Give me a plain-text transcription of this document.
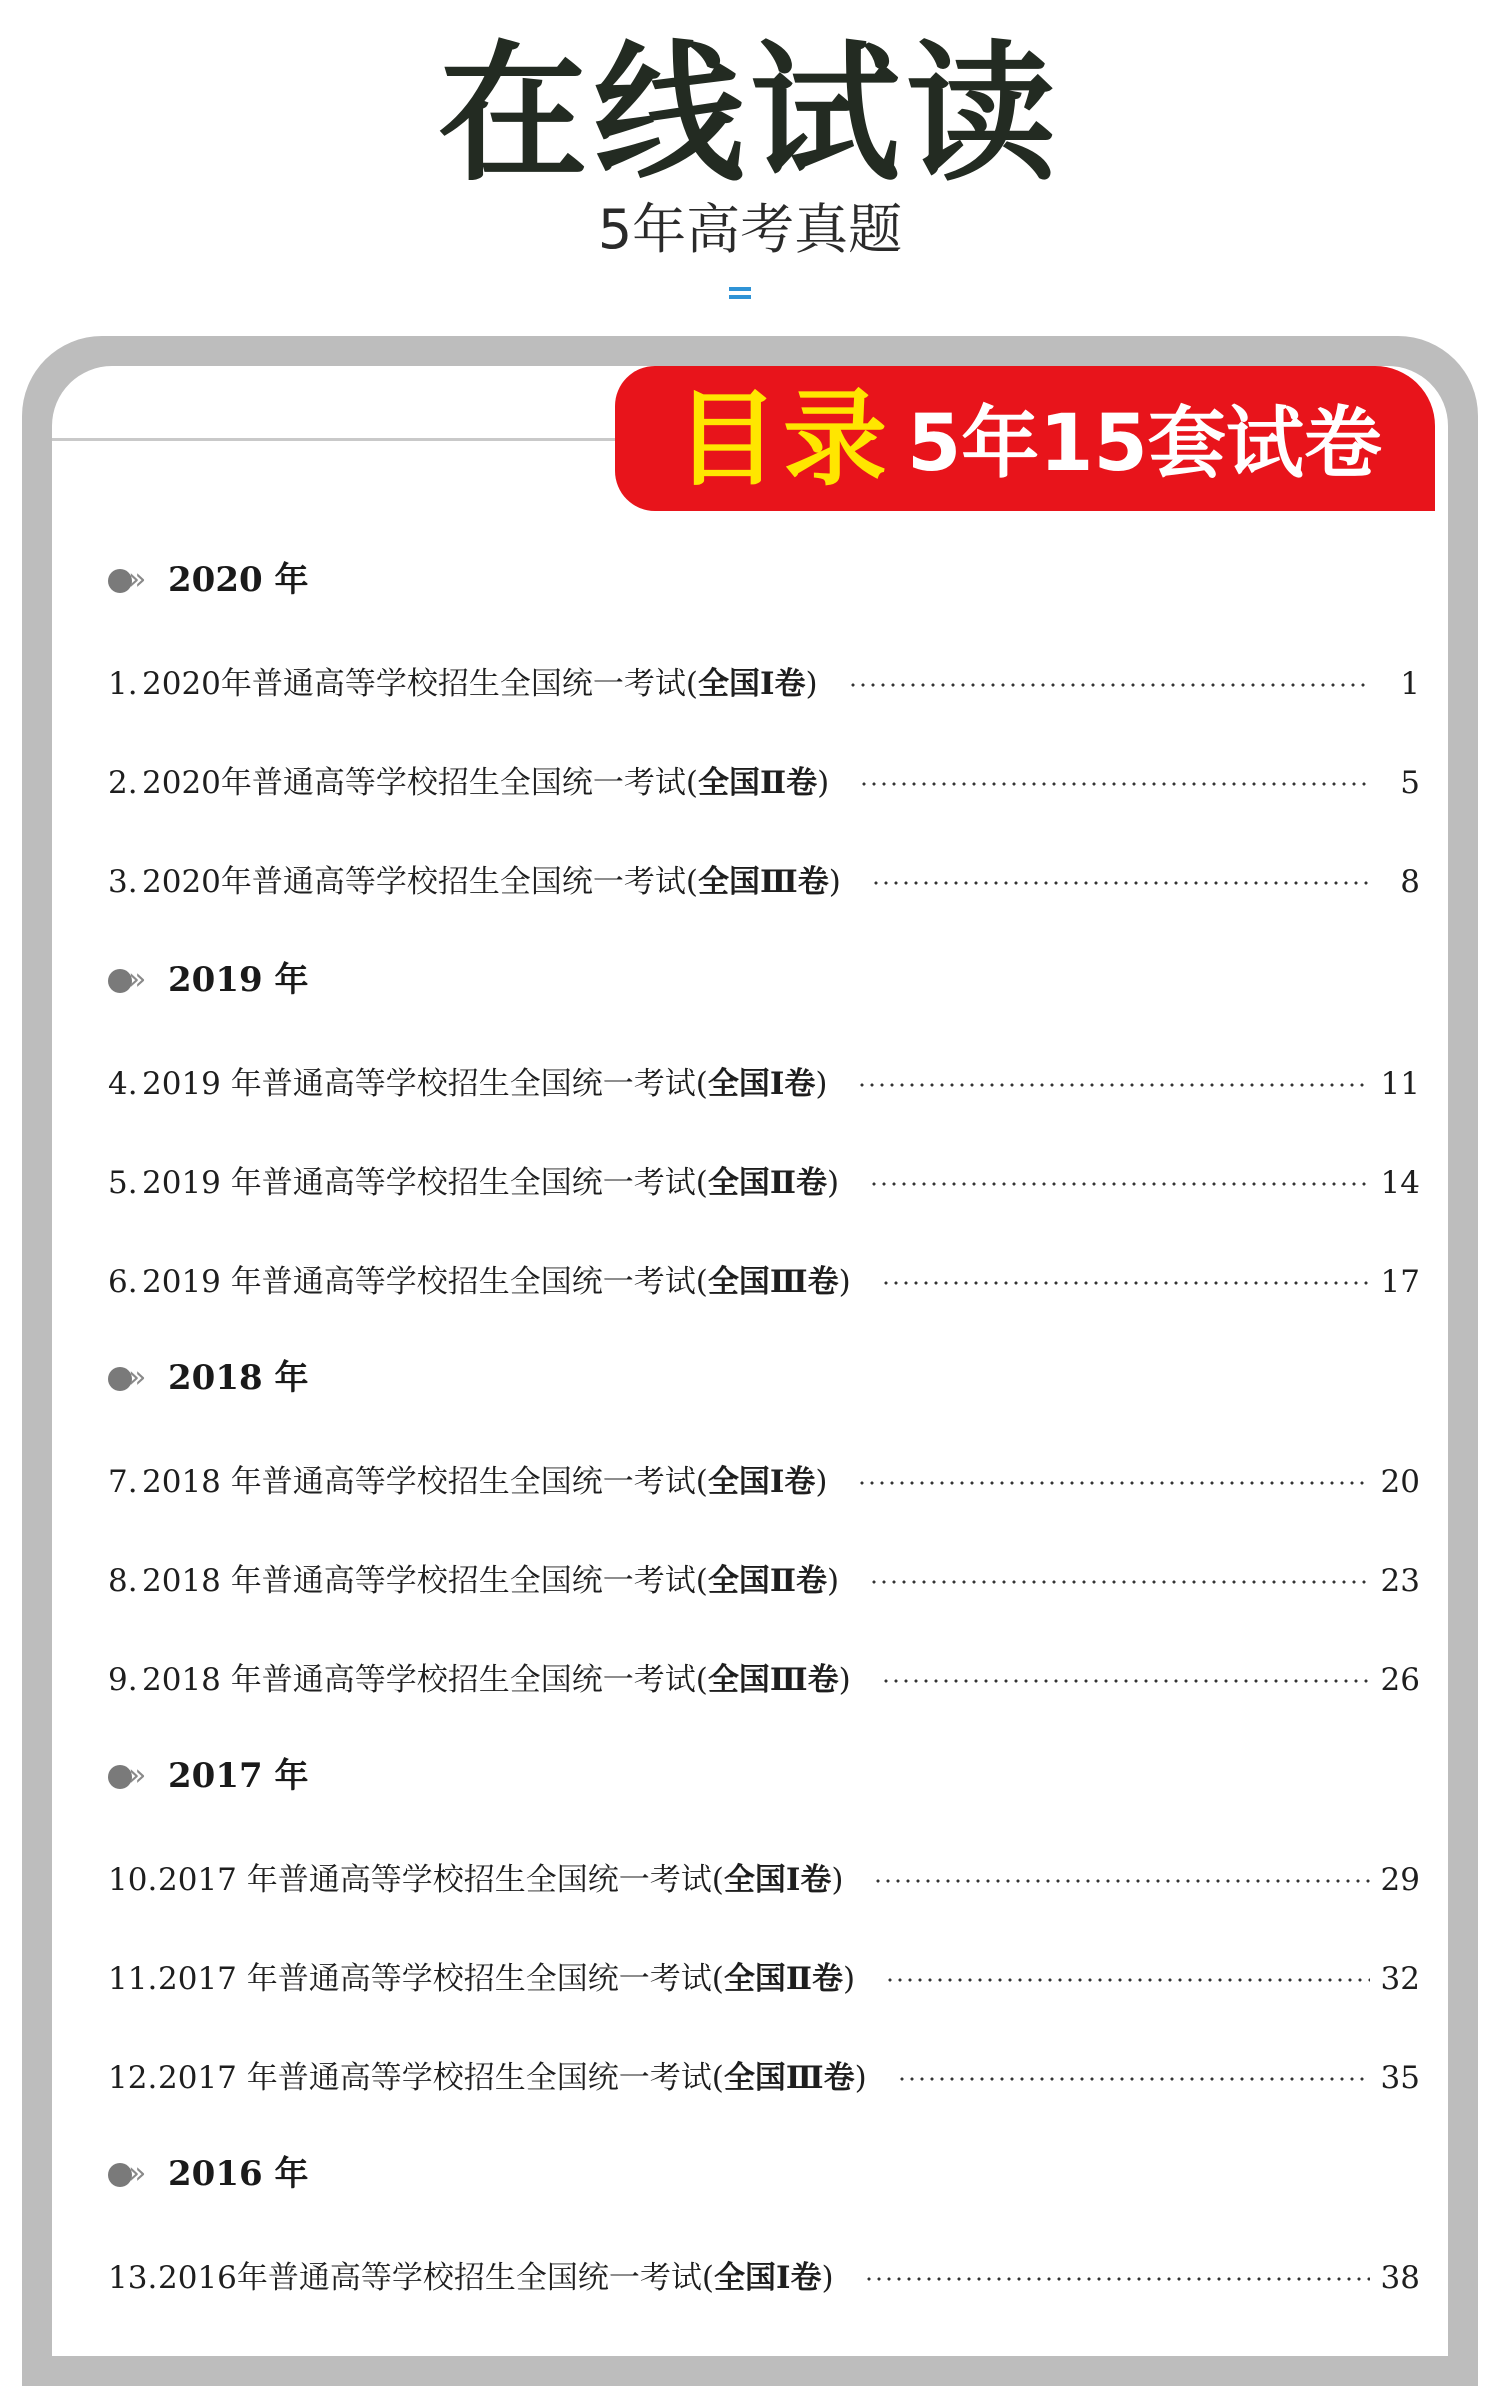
在线试读
5年高考真题
目录 5年15套试卷
» 2020 年
1. 2020年普通高等学校招生全国统一考试(全国Ⅰ卷)	1
2. 2020年普通高等学校招生全国统一考试(全国Ⅱ卷)	5
3. 2020年普通高等学校招生全国统一考试(全国Ⅲ卷)	8
» 2019 年
4. 2019 年普通高等学校招生全国统一考试(全国Ⅰ卷)	11
5. 2019 年普通高等学校招生全国统一考试(全国Ⅱ卷)	14
6. 2019 年普通高等学校招生全国统一考试(全国Ⅲ卷)	17
» 2018 年
7. 2018 年普通高等学校招生全国统一考试(全国Ⅰ卷)	20
8. 2018 年普通高等学校招生全国统一考试(全国Ⅱ卷)	23
9. 2018 年普通高等学校招生全国统一考试(全国Ⅲ卷)	26
» 2017 年
10. 2017 年普通高等学校招生全国统一考试(全国Ⅰ卷)	29
11. 2017 年普通高等学校招生全国统一考试(全国Ⅱ卷)	32
12. 2017 年普通高等学校招生全国统一考试(全国Ⅲ卷)	35
» 2016 年
13. 2016年普通高等学校招生全国统一考试(全国Ⅰ卷)	38
